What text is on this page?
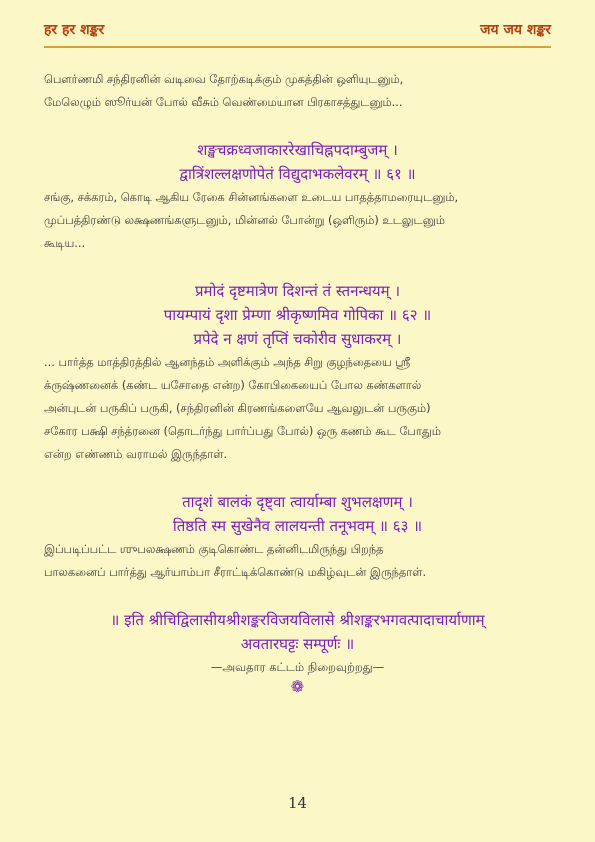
हर हर शङ्कर	जय जय शङ्कर
பௌர்ணமி சந்திரனின் வடிவை தோற்கடிக்கும் முகத்தின் ஒளியுடனும்,
மேலெழும் ஸூர்யன் போல் வீசும் வெண்மையான பிரகாசத்துடனும்...
शङ्खचक्रध्वजाकाररेखाचिह्नपदाम्बुजम् ।
द्वात्रिंशल्लक्षणोपेतं विद्युदाभकलेवरम् ॥ ६१ ॥
சங்கு, சக்கரம், கொடி ஆகிய ரேகை சின்னங்களை உடைய பாதத்தாமரையுடனும்,
முப்பத்திரண்டு லக்ஷணங்களுடனும், மின்னல் போன்று (ஒளிரும்) உடலுடனும்
கூடிய...
प्रमोदं दृष्टमात्रेण दिशन्तं तं स्तनन्धयम् ।
पायम्पायं दृशा प्रेम्णा श्रीकृष्णमिव गोपिका ॥ ६२ ॥
प्रपेदे न क्षणं तृप्तिं चकोरीव सुधाकरम् ।
... பார்த்த மாத்திரத்தில் ஆனந்தம் அளிக்கும் அந்த சிறு குழந்தையை ஸ்ரீ
க்ருஷ்ணனைக் (கண்ட யசோதை என்ற) கோபிகையைப் போல கண்களால்
அன்புடன் பருகிப் பருகி, (சந்திரனின் கிரணங்களையே ஆவலுடன் பருகும்)
சகோர பக்ஷி சந்த்ரனை (தொடர்ந்து பார்ப்பது போல்) ஒரு கணம் கூட போதும்
என்ற எண்ணம் வராமல் இருந்தாள்.
तादृशं बालकं दृष्ट्वा त्वार्याम्बा शुभलक्षणम् ।
तिष्ठति स्म सुखेनैव लालयन्ती तनूभवम् ॥ ६३ ॥
இப்படிப்பட்ட ஶுபலக்ஷணம் குடிகொண்ட தன்னிடமிருந்து பிறந்த
பாலகனைப் பார்த்து ஆர்யாம்பா சீராட்டிக்கொண்டு மகிழ்வுடன் இருந்தாள்.
॥ इति श्रीचिद्विलासीयश्रीशङ्करविजयविलासे श्रीशङ्करभगवत्पादाचार्याणाम्
अवतारघट्टः सम्पूर्णः ॥
—அவதார கட்டம் நிறைவுற்றது—
❁
14
